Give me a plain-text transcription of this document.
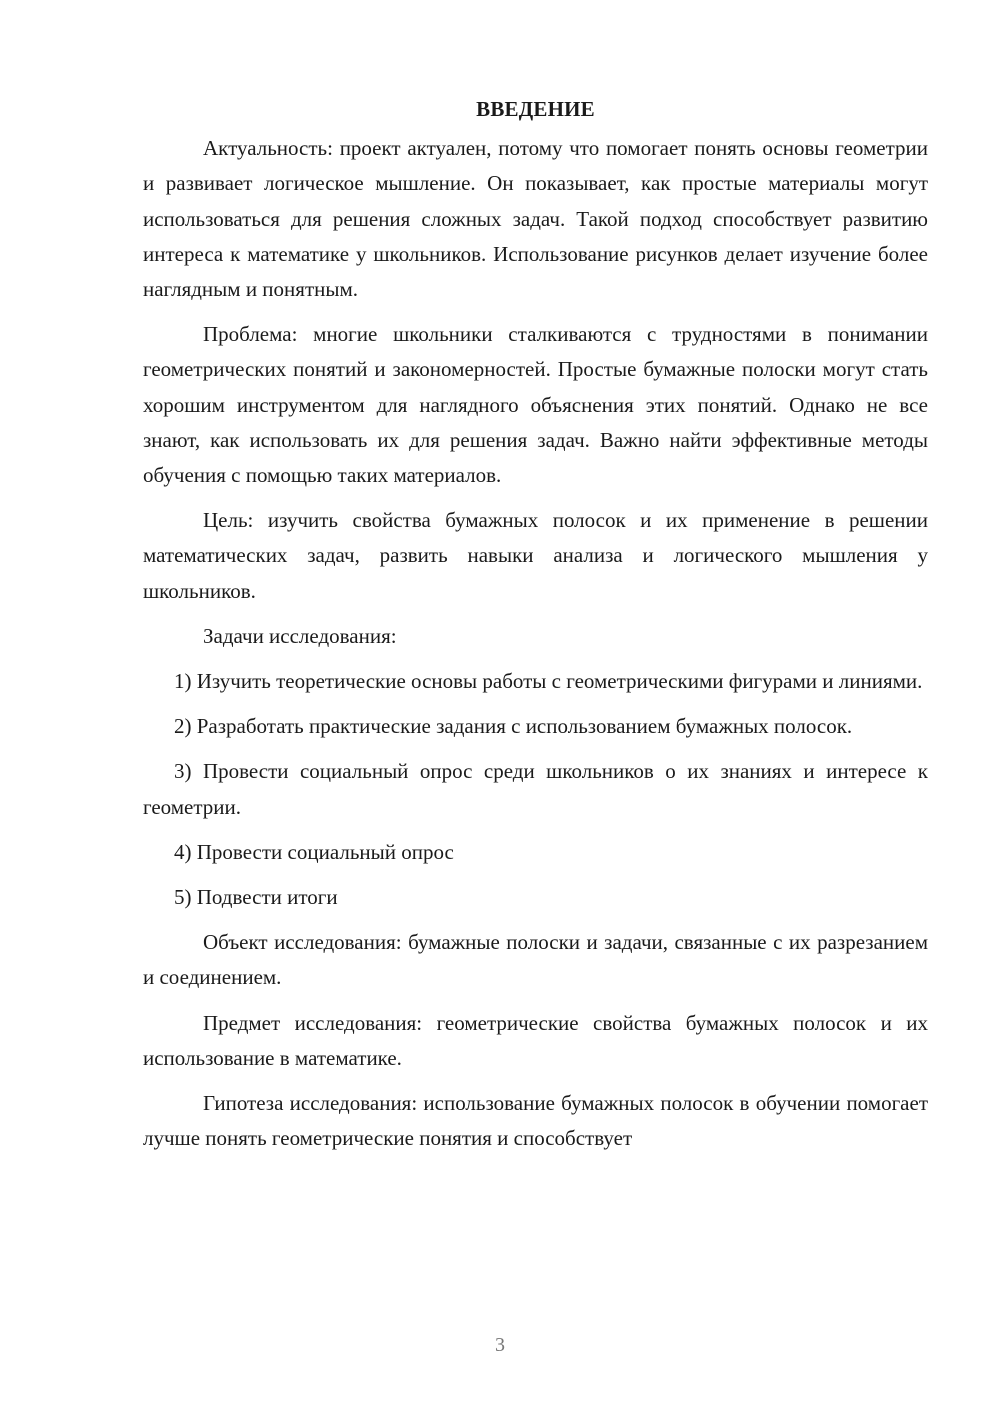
ВВЕДЕНИЕ

Актуальность: проект актуален, потому что помогает понять основы геометрии и развивает логическое мышление. Он показывает, как простые материалы могут использоваться для решения сложных задач. Такой подход способствует развитию интереса к математике у школьников. Использование рисунков делает изучение более наглядным и понятным.

Проблема: многие школьники сталкиваются с трудностями в понимании геометрических понятий и закономерностей. Простые бумажные полоски могут стать хорошим инструментом для наглядного объяснения этих понятий. Однако не все знают, как использовать их для решения задач. Важно найти эффективные методы обучения с помощью таких материалов.

Цель: изучить свойства бумажных полосок и их применение в решении математических задач, развить навыки анализа и логического мышления у школьников.

Задачи исследования:

1) Изучить теоретические основы работы с геометрическими фигурами и линиями.

2) Разработать практические задания с использованием бумажных полосок.

3) Провести социальный опрос среди школьников о их знаниях и интересе к геометрии.

4) Провести социальный опрос

5) Подвести итоги

Объект исследования: бумажные полоски и задачи, связанные с их разрезанием и соединением.

Предмет исследования: геометрические свойства бумажных полосок и их использование в математике.

Гипотеза исследования: использование бумажных полосок в обучении помогает лучше понять геометрические понятия и способствует

3
